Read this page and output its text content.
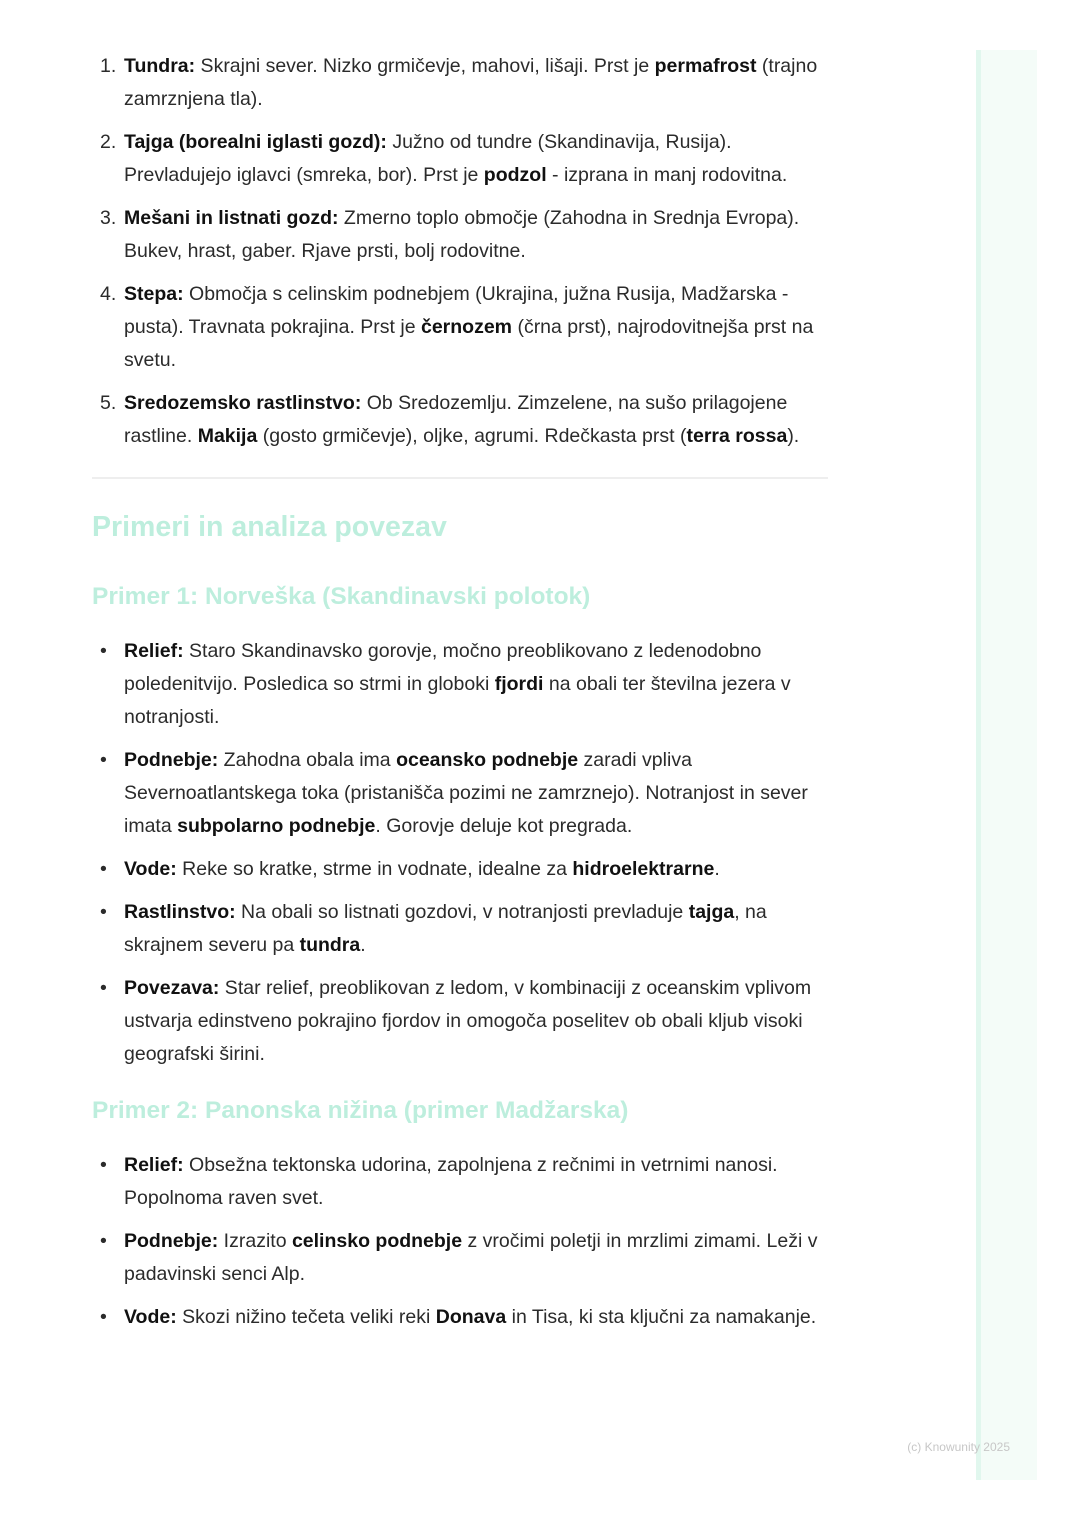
1. Tundra: Skrajni sever. Nizko grmičevje, mahovi, lišaji. Prst je permafrost (trajno zamrznjena tla).
2. Tajga (borealni iglasti gozd): Južno od tundre (Skandinavija, Rusija). Prevladujejo iglavci (smreka, bor). Prst je podzol - izprana in manj rodovitna.
3. Mešani in listnati gozd: Zmerno toplo območje (Zahodna in Srednja Evropa). Bukev, hrast, gaber. Rjave prsti, bolj rodovitne.
4. Stepa: Območja s celinskim podnebjem (Ukrajina, južna Rusija, Madžarska - pusta). Travnata pokrajina. Prst je černozem (črna prst), najrodovitnejša prst na svetu.
5. Sredozemsko rastlinstvo: Ob Sredozemlju. Zimzelene, na sušo prilagojene rastline. Makija (gosto grmičevje), oljke, agrumi. Rdečkasta prst (terra rossa).
Primeri in analiza povezav
Primer 1: Norveška (Skandinavski polotok)
• Relief: Staro Skandinavsko gorovje, močno preoblikovano z ledenodobno poledenitvijo. Posledica so strmi in globoki fjordi na obali ter številna jezera v notranjosti.
• Podnebje: Zahodna obala ima oceansko podnebje zaradi vpliva Severnoatlantskega toka (pristanišča pozimi ne zamrznejo). Notranjost in sever imata subpolarno podnebje. Gorovje deluje kot pregrada.
• Vode: Reke so kratke, strme in vodnate, idealne za hidroelektrarne.
• Rastlinstvo: Na obali so listnati gozdovi, v notranjosti prevladuje tajga, na skrajnem severu pa tundra.
• Povezava: Star relief, preoblikovan z ledom, v kombinaciji z oceanskim vplivom ustvarja edinstveno pokrajino fjordov in omogoča poselitev ob obali kljub visoki geografski širini.
Primer 2: Panonska nižina (primer Madžarska)
• Relief: Obsežna tektonska udorina, zapolnjena z rečnimi in vetrnimi nanosi. Popolnoma raven svet.
• Podnebje: Izrazito celinsko podnebje z vročimi poletji in mrzlimi zimami. Leži v padavinski senci Alp.
• Vode: Skozi nižino tečeta veliki reki Donava in Tisa, ki sta ključni za namakanje.
(c) Knowunity 2025
